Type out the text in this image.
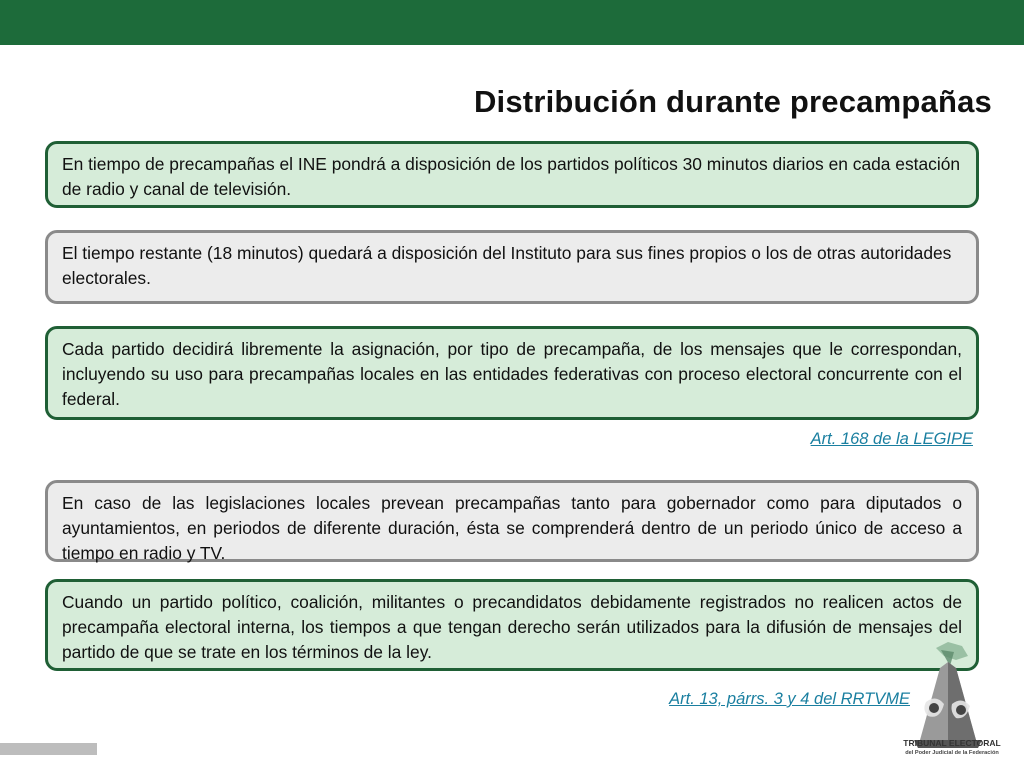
Distribución durante precampañas
En tiempo de precampañas el INE pondrá a disposición de los partidos políticos 30 minutos diarios en cada estación de radio y canal de televisión.
El tiempo restante (18 minutos) quedará a disposición del Instituto para sus fines propios o los de otras autoridades electorales.
Cada partido decidirá libremente la asignación, por tipo de precampaña, de los mensajes que le correspondan, incluyendo su uso para precampañas locales en las entidades federativas con proceso electoral concurrente con el federal.
Art. 168 de la LEGIPE
En caso de las legislaciones locales prevean precampañas tanto para gobernador como para diputados o ayuntamientos, en periodos de diferente duración, ésta se comprenderá dentro de un periodo único de acceso a tiempo en radio y TV.
Cuando un partido político, coalición, militantes o precandidatos debidamente registrados no realicen actos de precampaña electoral interna, los tiempos a que tengan derecho serán utilizados para la difusión de mensajes del partido de que se trate en los términos de la ley.
Art. 13, párrs. 3 y 4 del RRTVME
TRIBUNAL ELECTORAL
del Poder Judicial de la Federación
